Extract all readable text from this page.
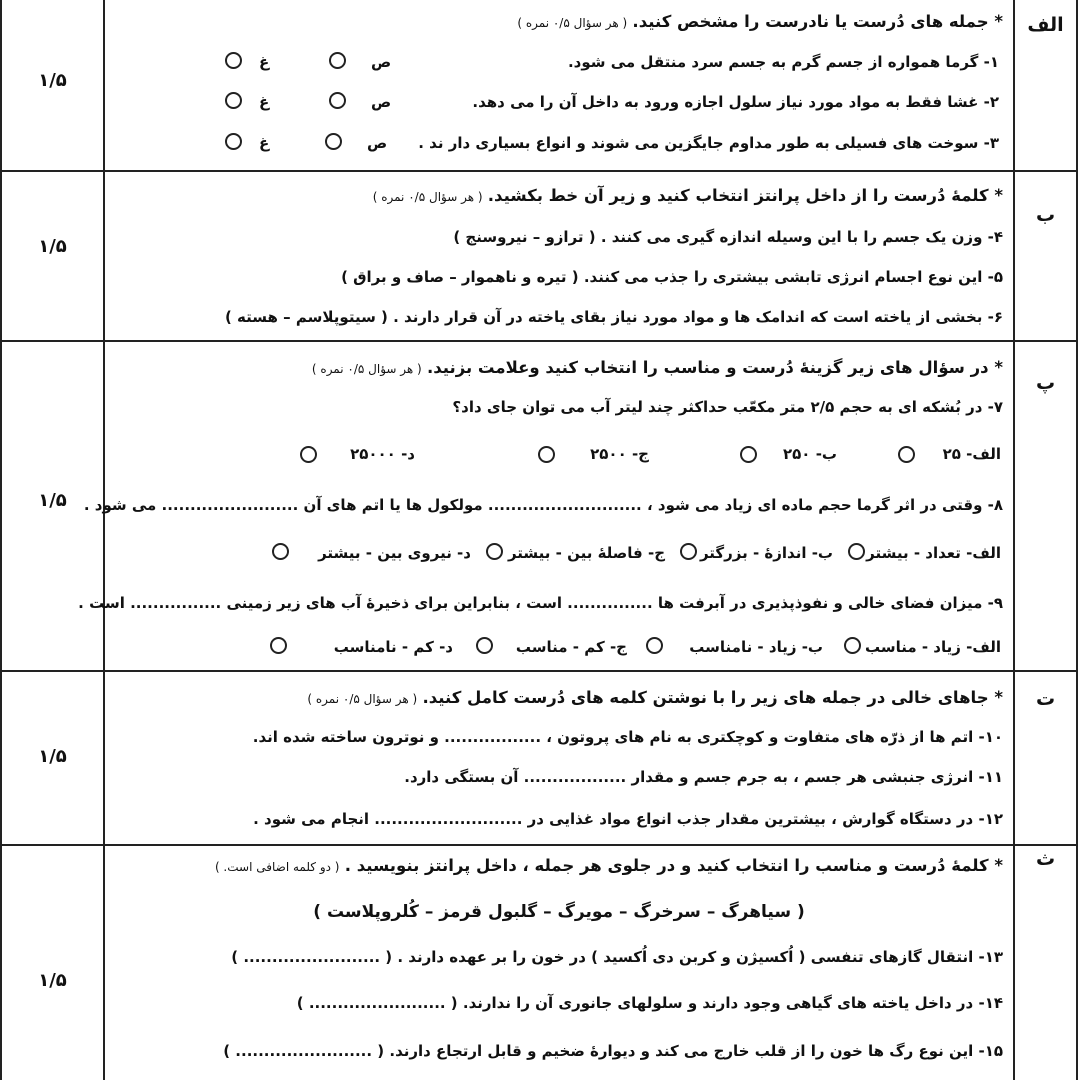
۱/۵
الف
* جمله های دُرست یا نادرست را مشخص کنید. ( هر سؤال ۰/۵ نمره )
۱- گرما همواره از جسم گرم به جسم سرد منتقل می شود.
۲- غشا فقط به مواد مورد نیاز سلول اجازه ورود به داخل آن را می دهد.
۳- سوخت های فسیلی به طور مداوم جایگزین می شوند و انواع بسیاری دار ند .
ص
غ
ص
غ
ص
غ
۱/۵
ب
* کلمهٔ دُرست را از داخل پرانتز انتخاب کنید و زیر آن خط بکشید. ( هر سؤال ۰/۵ نمره )
۴- وزن یک جسم را با این وسیله اندازه گیری می کنند . ( ترازو – نیروسنج )
۵- این نوع اجسام انرژی تابشی بیشتری را جذب می کنند. ( تیره و ناهموار – صاف و براق )
۶- بخشی از یاخته است که اندامک ها و مواد مورد نیاز بقای یاخته در آن قرار دارند . ( سیتوپلاسم – هسته )
۱/۵
پ
* در سؤال های زیر گزینهٔ دُرست و مناسب را انتخاب کنید وعلامت بزنید. ( هر سؤال ۰/۵ نمره )
۷- در بُشکه ای به حجم ۲/۵ متر مکعّب حداکثر چند لیتر آب می توان جای داد؟
الف- ۲۵
ب- ۲۵۰
ج- ۲۵۰۰
د- ۲۵۰۰۰
۸- وقتی در اثر گرما حجم ماده ای زیاد می شود ، ........................... مولکول ها یا اتم های آن ........................ می شود .
الف- تعداد - بیشتر
ب- اندازهٔ - بزرگتر
ج- فاصلهٔ بین - بیشتر
د- نیروی بین - بیشتر
۹- میزان فضای خالی و نفوذپذیری در آبرفت ها ............... است ، بنابراین برای ذخیرهٔ آب های زیر زمینی ................ است .
الف- زیاد - مناسب
ب- زیاد - نامناسب
ج- کم - مناسب
د- کم - نامناسب
۱/۵
ت
* جاهای خالی در جمله های زیر را با نوشتن کلمه های دُرست کامل کنید. ( هر سؤال ۰/۵ نمره )
۱۰- اتم ها از ذرّه های متفاوت و کوچکتری به نام های پروتون ، ................. و نوترون ساخته شده اند.
۱۱- انرژی جنبشی هر جسم ، به جرم جسم و مقدار .................. آن بستگی دارد.
۱۲- در دستگاه گوارش ، بیشترین مقدار جذب انواع مواد غذایی در .......................... انجام می شود .
۱/۵
ث
* کلمهٔ دُرست و مناسب را انتخاب کنید و در جلوی هر جمله ، داخل پرانتز بنویسید . ( دو کلمه اضافی است. )
( سیاهرگ – سرخرگ – مویرگ – گلبول قرمز – کُلروپلاست )
۱۳- انتقال گازهای تنفسی ( اُکسیژن و کربن دی اُکسید ) در خون را بر عهده دارند . ( ........................ )
۱۴- در داخل یاخته های گیاهی وجود دارند و سلولهای جانوری آن را ندارند. ( ........................ )
۱۵- این نوع رگ ها خون را از قلب خارج می کند و دیوارهٔ ضخیم و قابل ارتجاع دارند. ( ........................ )
